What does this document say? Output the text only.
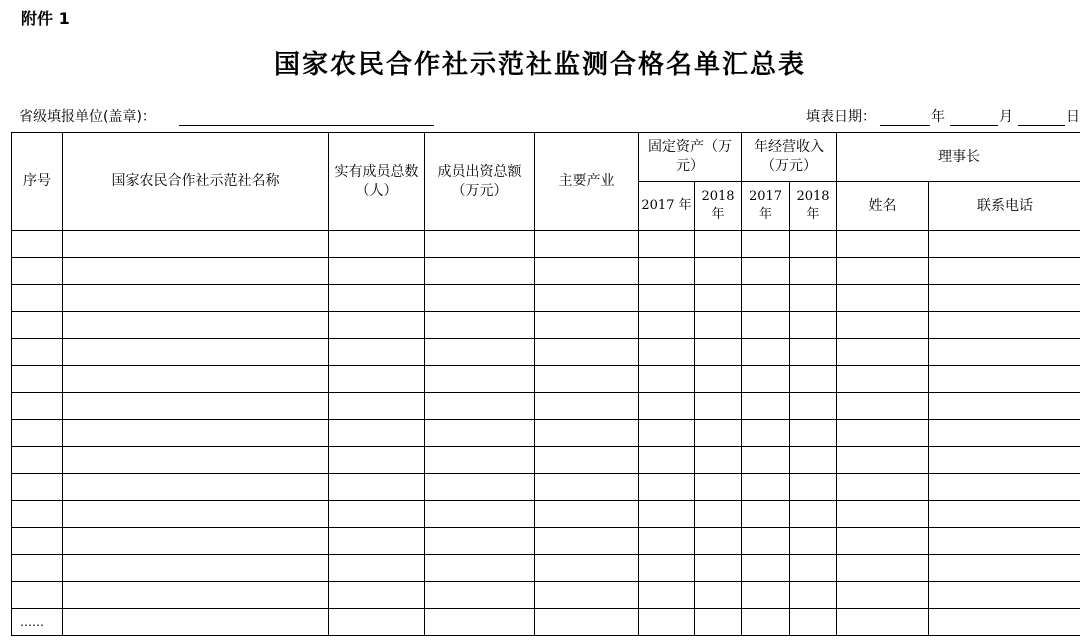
附件 1
国家农民合作社示范社监测合格名单汇总表
省级填报单位(盖章)：	填表日期：	年	月	日
序号	国家农民合作社示范社名称	实有成员总数（人）	成员出资总额（万元）	主要产业	固定资产（万元）		年经营收入（万元）		理事长	
					2017 年	2018 年	2017 年	2018 年	姓名	联系电话

……										
